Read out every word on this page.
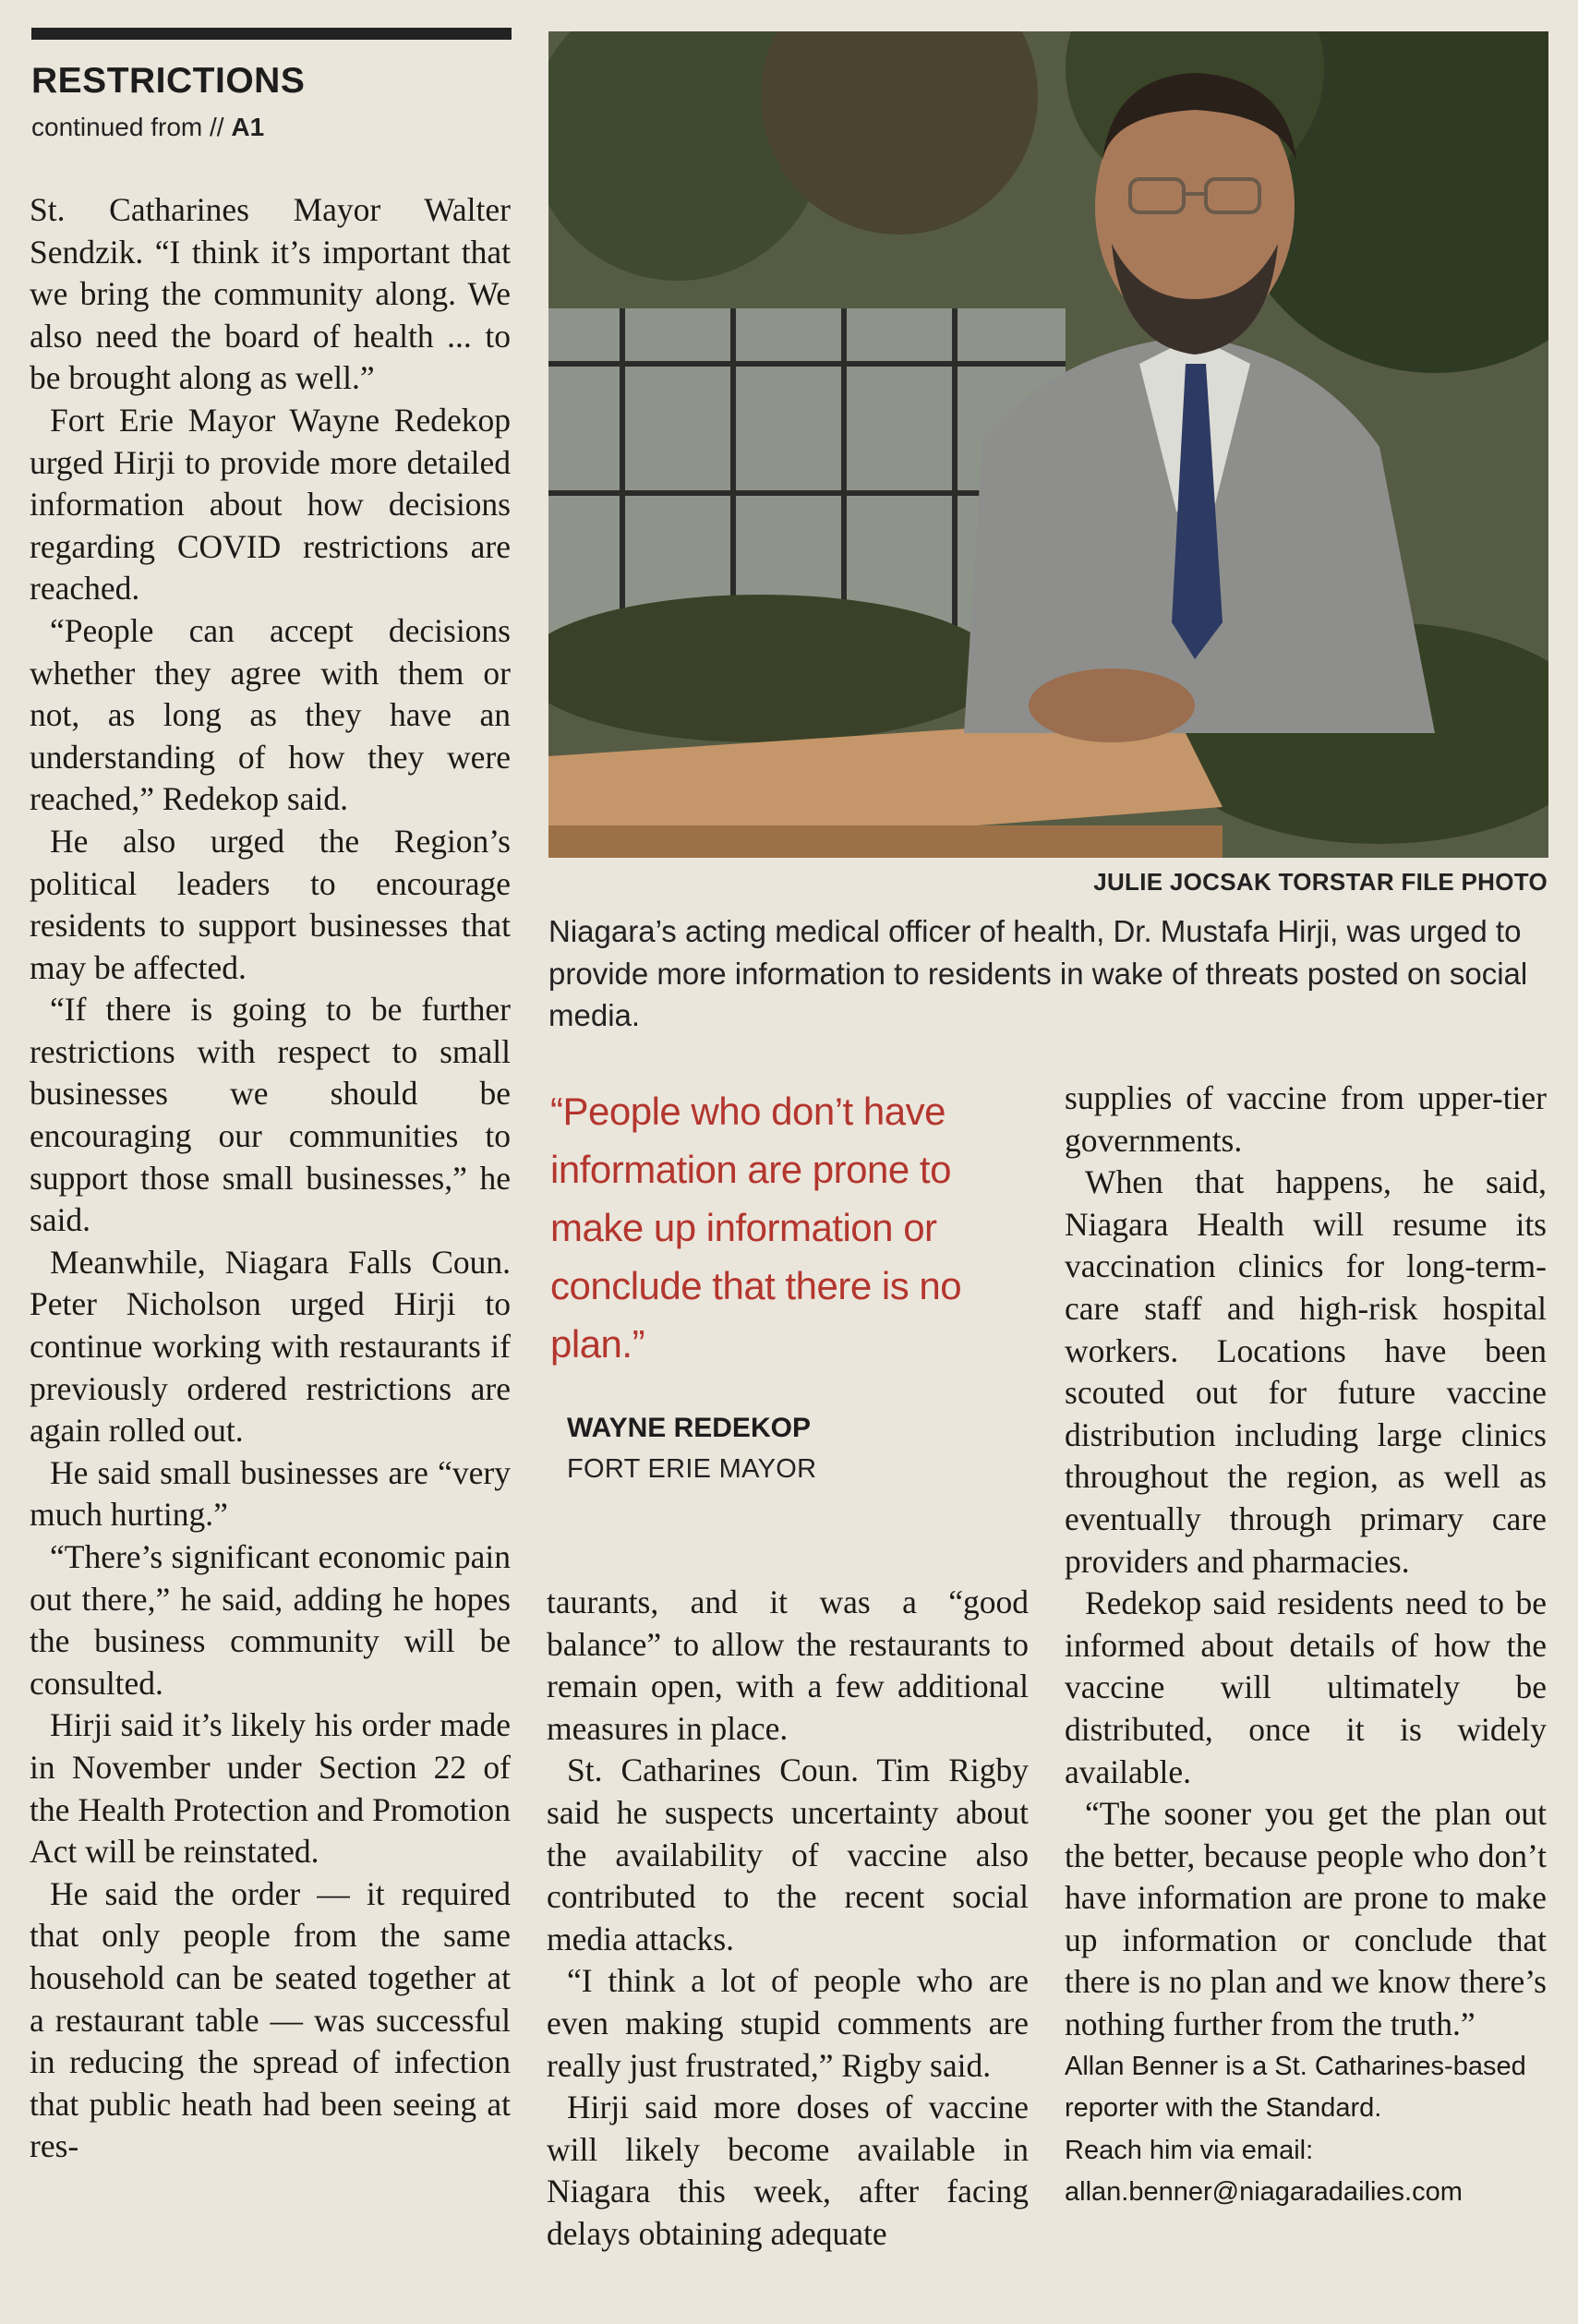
RESTRICTIONS
continued from // A1

St. Catharines Mayor Walter Sendzik. “I think it’s important that we bring the community along. We also need the board of health ... to be brought along as well.”

Fort Erie Mayor Wayne Redekop urged Hirji to provide more detailed information about how decisions regarding COVID restrictions are reached.

“People can accept decisions whether they agree with them or not, as long as they have an understanding of how they were reached,” Redekop said.

He also urged the Region’s political leaders to encourage residents to support businesses that may be affected.

“If there is going to be further restrictions with respect to small businesses we should be encouraging our communities to support those small businesses,” he said.

Meanwhile, Niagara Falls Coun. Peter Nicholson urged Hirji to continue working with restaurants if previously ordered restrictions are again rolled out.

He said small businesses are “very much hurting.”

“There’s significant economic pain out there,” he said, adding he hopes the business community will be consulted.

Hirji said it’s likely his order made in November under Section 22 of the Health Protection and Promotion Act will be reinstated.

He said the order — it required that only people from the same household can be seated together at a restaurant table — was successful in reducing the spread of infection that public heath had been seeing at res-

JULIE JOCSAK TORSTAR FILE PHOTO
Niagara’s acting medical officer of health, Dr. Mustafa Hirji, was urged to provide more information to residents in wake of threats posted on social media.
“People who don’t have information are prone to make up information or conclude that there is no plan.”
WAYNE REDEKOP
FORT ERIE MAYOR

taurants, and it was a “good balance” to allow the restaurants to remain open, with a few additional measures in place.

St. Catharines Coun. Tim Rigby said he suspects uncertainty about the availability of vaccine also contributed to the recent social media attacks.

“I think a lot of people who are even making stupid comments are really just frustrated,” Rigby said.

Hirji said more doses of vaccine will likely become available in Niagara this week, after facing delays obtaining adequate

supplies of vaccine from upper-tier governments.

When that happens, he said, Niagara Health will resume its vaccination clinics for long-term-care staff and high-risk hospital workers. Locations have been scouted out for future vaccine distribution including large clinics throughout the region, as well as eventually through primary care providers and pharmacies.

Redekop said residents need to be informed about details of how the vaccine will ultimately be distributed, once it is widely available.

“The sooner you get the plan out the better, because people who don’t have information are prone to make up information or conclude that there is no plan and we know there’s nothing further from the truth.”

Allan Benner is a St. Catharines-based reporter with the Standard.

Reach him via email:

allan.benner@niagaradailies.com
